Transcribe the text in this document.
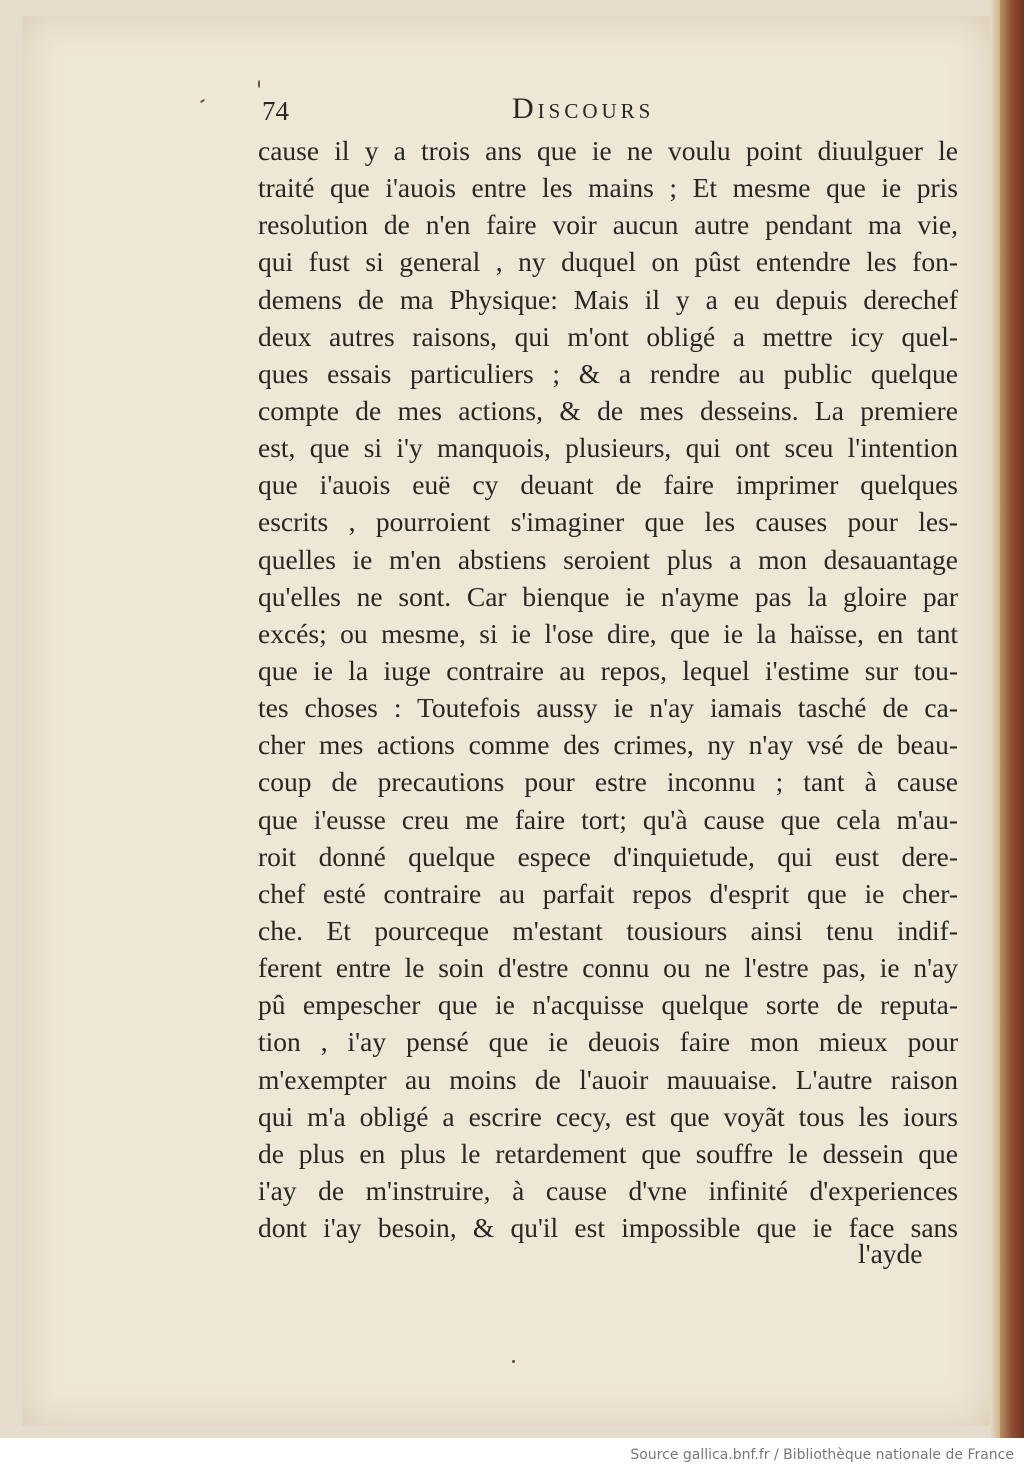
74	Discours
cause il y a trois ans que ie ne voulu point diuulguer le
traité que i'auois entre les mains ; Et mesme que ie pris
resolution de n'en faire voir aucun autre pendant ma vie,
qui fust si general , ny duquel on pûst entendre les fon-
demens de ma Physique: Mais il y a eu depuis derechef
deux autres raisons, qui m'ont obligé a mettre icy quel-
ques essais particuliers ; & a rendre au public quelque
compte de mes actions, & de mes desseins. La premiere
est, que si i'y manquois, plusieurs, qui ont sceu l'intention
que i'auois euë cy deuant de faire imprimer quelques
escrits , pourroient s'imaginer que les causes pour les-
quelles ie m'en abstiens seroient plus a mon desauantage
qu'elles ne sont. Car bienque ie n'ayme pas la gloire par
excés; ou mesme, si ie l'ose dire, que ie la haïsse, en tant
que ie la iuge contraire au repos, lequel i'estime sur tou-
tes choses : Toutefois aussy ie n'ay iamais tasché de ca-
cher mes actions comme des crimes, ny n'ay vsé de beau-
coup de precautions pour estre inconnu ; tant à cause
que i'eusse creu me faire tort; qu'à cause que cela m'au-
roit donné quelque espece d'inquietude, qui eust dere-
chef esté contraire au parfait repos d'esprit que ie cher-
che. Et pourceque m'estant tousiours ainsi tenu indif-
ferent entre le soin d'estre connu ou ne l'estre pas, ie n'ay
pû empescher que ie n'acquisse quelque sorte de reputa-
tion , i'ay pensé que ie deuois faire mon mieux pour
m'exempter au moins de l'auoir mauuaise. L'autre raison
qui m'a obligé a escrire cecy, est que voyãt tous les iours
de plus en plus le retardement que souffre le dessein que
i'ay de m'instruire, à cause d'vne infinité d'experiences
dont i'ay besoin, & qu'il est impossible que ie face sans
l'ayde
Source gallica.bnf.fr / Bibliothèque nationale de France
